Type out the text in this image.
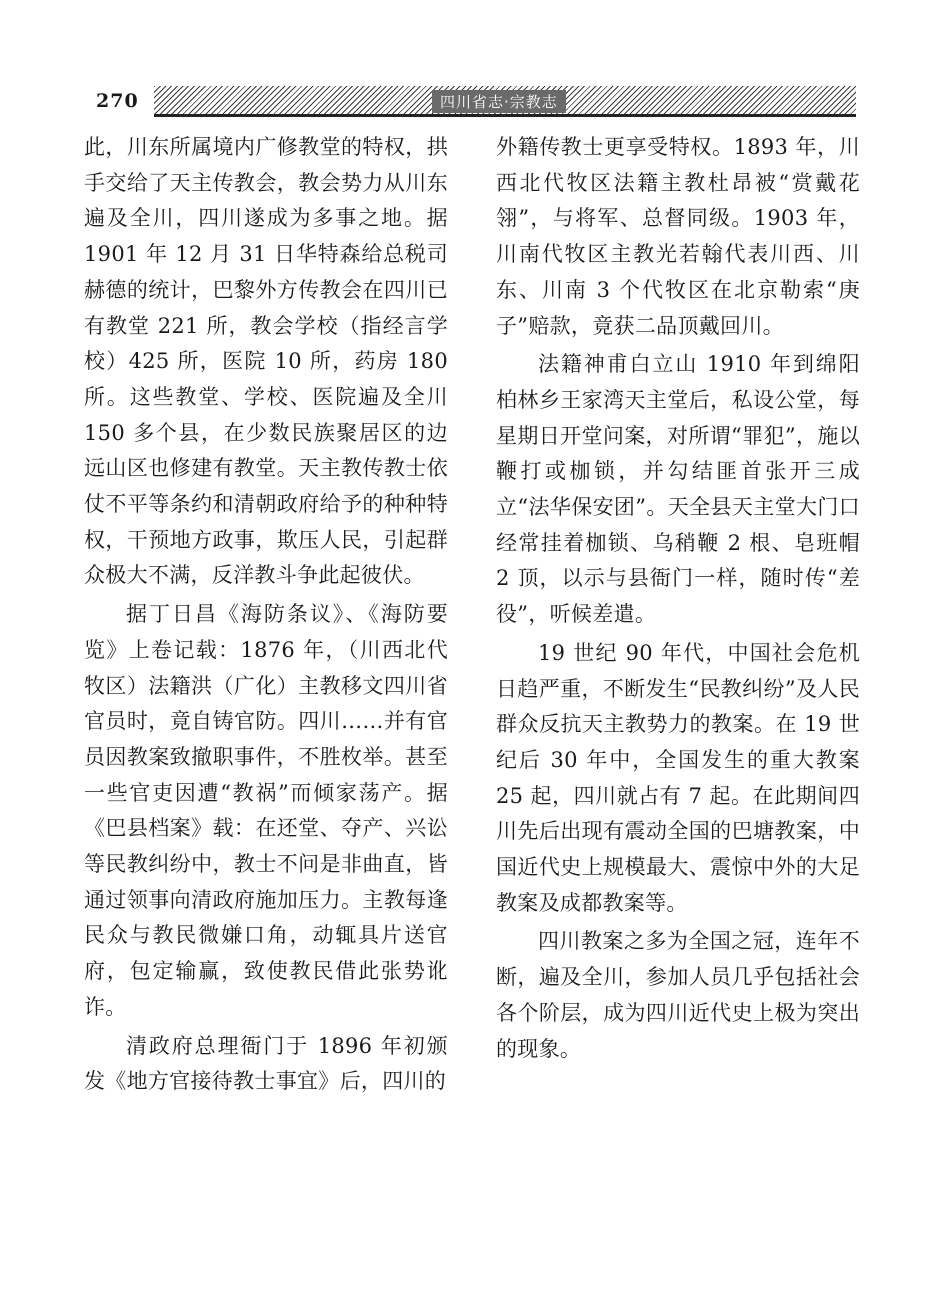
270	四川省志·宗教志

此，川东所属境内广修教堂的特权，拱手交给了天主传教会，教会势力从川东遍及全川，四川遂成为多事之地。据1901 年 12 月 31 日华特森给总税司赫德的统计，巴黎外方传教会在四川已有教堂 221 所，教会学校（指经言学校）425 所，医院 10 所，药房 180 所。这些教堂、学校、医院遍及全川 150 多个县，在少数民族聚居区的边远山区也修建有教堂。天主教传教士依仗不平等条约和清朝政府给予的种种特权，干预地方政事，欺压人民，引起群众极大不满，反洋教斗争此起彼伏。

据丁日昌《海防条议》、《海防要览》上卷记载：1876 年，（川西北代牧区）法籍洪（广化）主教移文四川省官员时，竟自铸官防。四川……并有官员因教案致撤职事件，不胜枚举。甚至一些官吏因遭“教祸”而倾家荡产。据《巴县档案》载：在还堂、夺产、兴讼等民教纠纷中，教士不问是非曲直，皆通过领事向清政府施加压力。主教每逢民众与教民微嫌口角，动辄具片送官府，包定输赢，致使教民借此张势讹诈。

清政府总理衙门于 1896 年初颁发《地方官接待教士事宜》后，四川的

外籍传教士更享受特权。1893 年，川西北代牧区法籍主教杜昂被“赏戴花翎”，与将军、总督同级。1903 年，川南代牧区主教光若翰代表川西、川东、川南 3 个代牧区在北京勒索“庚子”赔款，竟获二品顶戴回川。

法籍神甫白立山 1910 年到绵阳柏林乡王家湾天主堂后，私设公堂，每星期日开堂问案，对所谓“罪犯”，施以鞭打或枷锁，并勾结匪首张开三成立“法华保安团”。天全县天主堂大门口经常挂着枷锁、乌稍鞭 2 根、皂班帽 2 顶，以示与县衙门一样，随时传“差役”，听候差遣。

19 世纪 90 年代，中国社会危机日趋严重，不断发生“民教纠纷”及人民群众反抗天主教势力的教案。在 19 世纪后 30 年中，全国发生的重大教案 25 起，四川就占有 7 起。在此期间四川先后出现有震动全国的巴塘教案，中国近代史上规模最大、震惊中外的大足教案及成都教案等。

四川教案之多为全国之冠，连年不断，遍及全川，参加人员几乎包括社会各个阶层，成为四川近代史上极为突出的现象。
